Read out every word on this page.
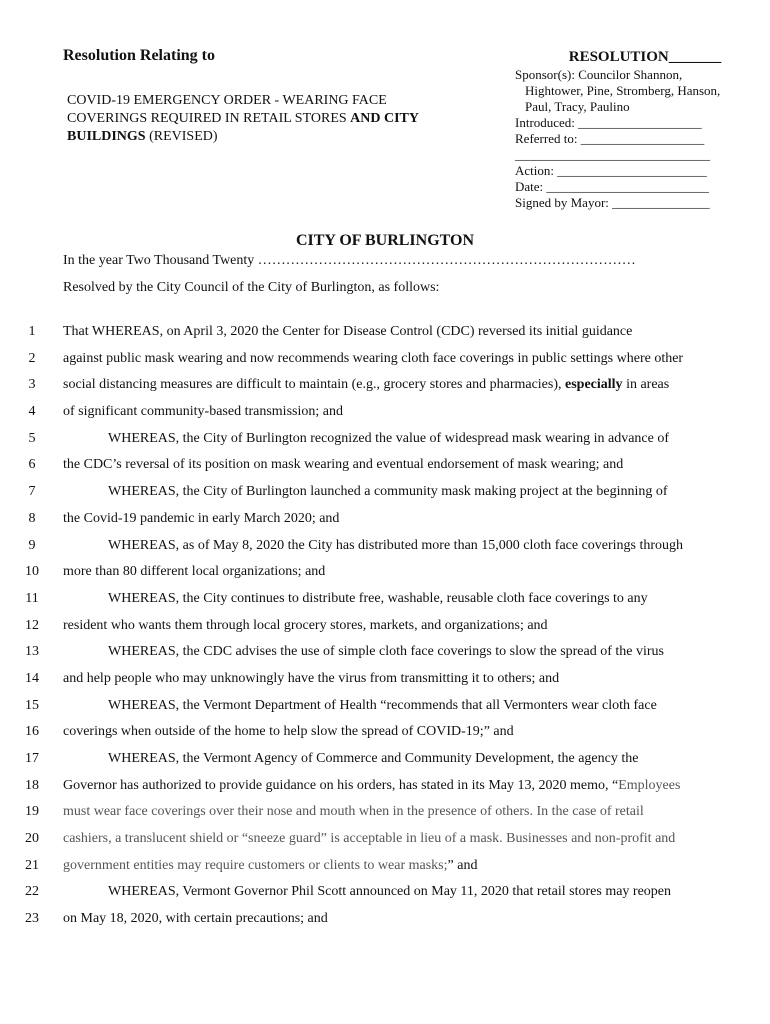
Resolution Relating to
COVID-19 EMERGENCY ORDER - WEARING FACE
COVERINGS REQUIRED IN RETAIL STORES AND CITY
BUILDINGS (REVISED)
RESOLUTION_______

Sponsor(s): Councilor Shannon,

Hightower, Pine, Stromberg, Hanson,

Paul, Tracy, Paulino

Introduced: ___________________

Referred to: ___________________

______________________________

Action: _______________________

Date: _________________________

Signed by Mayor: _______________

CITY OF BURLINGTON
In the year Two Thousand Twenty ………………………………………………………………………
Resolved by the City Council of the City of Burlington, as follows:
1	That WHEREAS, on April 3, 2020 the Center for Disease Control (CDC) reversed its initial guidance
2	against public mask wearing and now recommends wearing cloth face coverings in public settings where other
3	social distancing measures are difficult to maintain (e.g., grocery stores and pharmacies), especially in areas
4	of significant community-based transmission; and
5	WHEREAS, the City of Burlington recognized the value of widespread mask wearing in advance of
6	the CDC’s reversal of its position on mask wearing and eventual endorsement of mask wearing; and
7	WHEREAS, the City of Burlington launched a community mask making project at the beginning of
8	the Covid-19 pandemic in early March 2020; and
9	WHEREAS, as of May 8, 2020 the City has distributed more than 15,000 cloth face coverings through
10 more than 80 different local organizations; and
11	WHEREAS, the City continues to distribute free, washable, reusable cloth face coverings to any
12 resident who wants them through local grocery stores, markets, and organizations; and
13	WHEREAS, the CDC advises the use of simple cloth face coverings to slow the spread of the virus
14 and help people who may unknowingly have the virus from transmitting it to others; and
15	WHEREAS, the Vermont Department of Health “recommends that all Vermonters wear cloth face
16 coverings when outside of the home to help slow the spread of COVID-19;” and
17	WHEREAS, the Vermont Agency of Commerce and Community Development, the agency the
18 Governor has authorized to provide guidance on his orders, has stated in its May 13, 2020 memo, “Employees
19 must wear face coverings over their nose and mouth when in the presence of others. In the case of retail
20 cashiers, a translucent shield or “sneeze guard” is acceptable in lieu of a mask. Businesses and non-profit and
21 government entities may require customers or clients to wear masks;” and
22	WHEREAS, Vermont Governor Phil Scott announced on May 11, 2020 that retail stores may reopen
23 on May 18, 2020, with certain precautions; and
